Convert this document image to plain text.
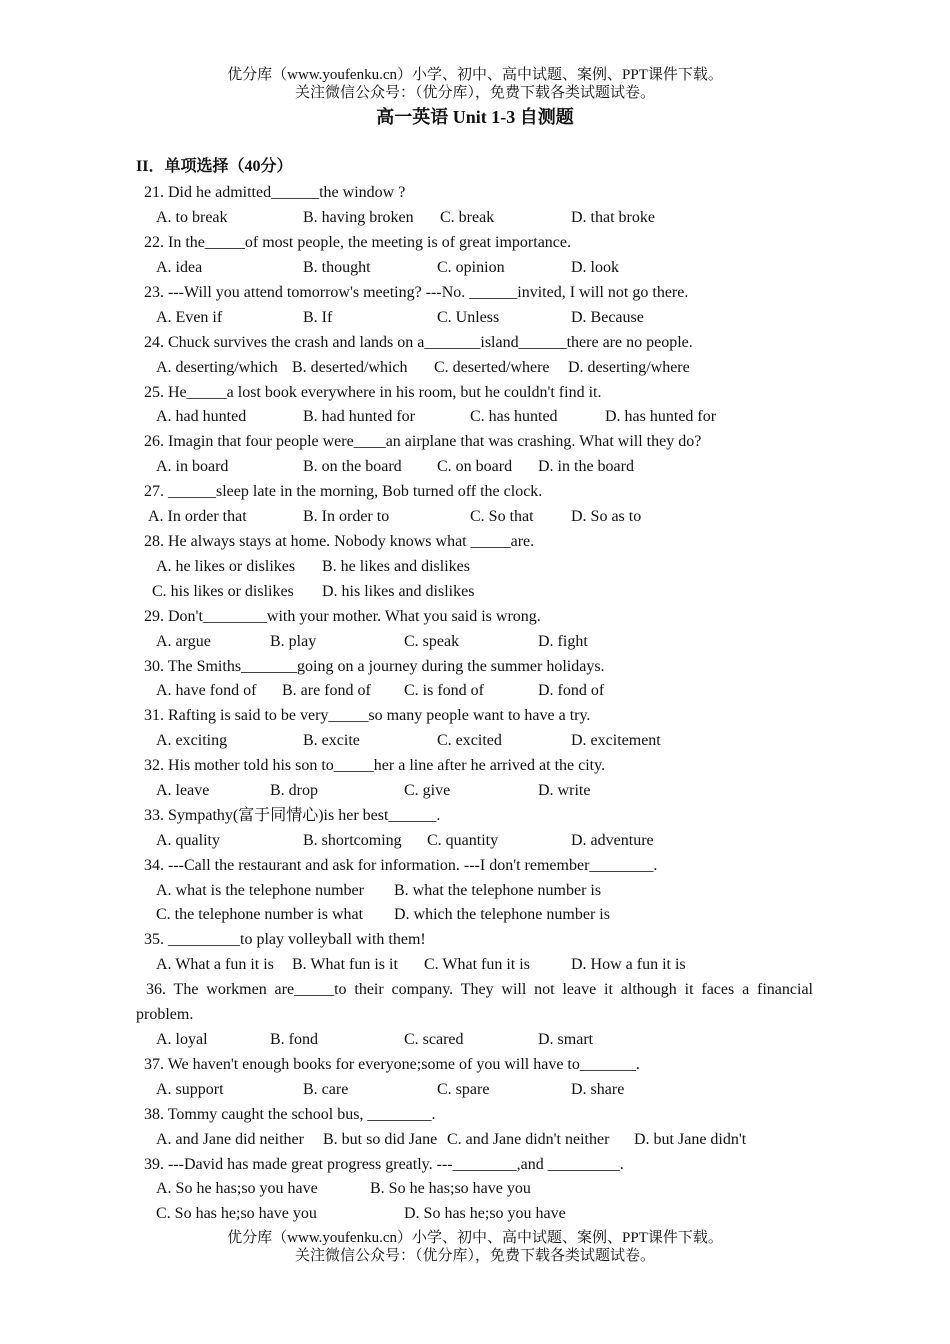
优分库（www.youfenku.cn）小学、初中、高中试题、案例、PPT课件下载。
关注微信公众号：（优分库），免费下载各类试题试卷。
高一英语 Unit 1-3 自测题
II．单项选择（40分）
21. Did he admitted______the window ?
A. to break	B. having broken C. break	D. that broke
22. In the_____of most people, the meeting is of great importance.
A. idea	B. thought	C. opinion	D. look
23. ---Will you attend tomorrow's meeting? ---No. ______invited, I will not go there.
A. Even if	B. If	C. Unless	D. Because
24. Chuck survives the crash and lands on a_______island______there are no people.
A. deserting/which B. deserted/which C. deserted/where D. deserting/where
25. He_____a lost book everywhere in his room, but he couldn't find it.
A. had hunted	B. had hunted for	C. has hunted	D. has hunted for
26. Imagin that four people were____an airplane that was crashing. What will they do?
A. in board	B. on the board C. on board D. in the board
27. ______sleep late in the morning, Bob turned off the clock.
A. In order that	B. In order to	C. So that D. So as to
28. He always stays at home. Nobody knows what _____are.
A. he likes or dislikes B. he likes and dislikes
C. his likes or dislikes D. his likes and dislikes
29. Don't________with your mother. What you said is wrong.
A. argue	B. play	C. speak	D. fight
30. The Smiths_______going on a journey during the summer holidays.
A. have fond of B. are fond of C. is fond of	D. fond of
31. Rafting is said to be very_____so many people want to have a try.
A. exciting	B. excite	C. excited	D. excitement
32. His mother told his son to_____her a line after he arrived at the city.
A. leave	B. drop	C. give	D. write
33. Sympathy(富于同情心)is her best______.
A. quality	B. shortcoming C. quantity	D. adventure
34. ---Call the restaurant and ask for information. ---I don't remember________.
A. what is the telephone number B. what the telephone number is
C. the telephone number is what D. which the telephone number is
35. _________to play volleyball with them!
A. What a fun it is B. What fun is it C. What fun it is	D. How a fun it is
36. The workmen are_____to their company. They will not leave it although it faces a financial
problem.
A. loyal	B. fond	C. scared	D. smart
37. We haven't enough books for everyone;some of you will have to_______.
A. support	B. care	C. spare	D. share
38. Tommy caught the school bus, ________.
A. and Jane did neither B. but so did Jane C. and Jane didn't neither D. but Jane didn't
39. ---David has made great progress greatly. ---________,and _________.
A. So he has;so you have	B. So he has;so have you
C. So has he;so have you	D. So has he;so you have
优分库（www.youfenku.cn）小学、初中、高中试题、案例、PPT课件下载。
关注微信公众号：（优分库），免费下载各类试题试卷。
